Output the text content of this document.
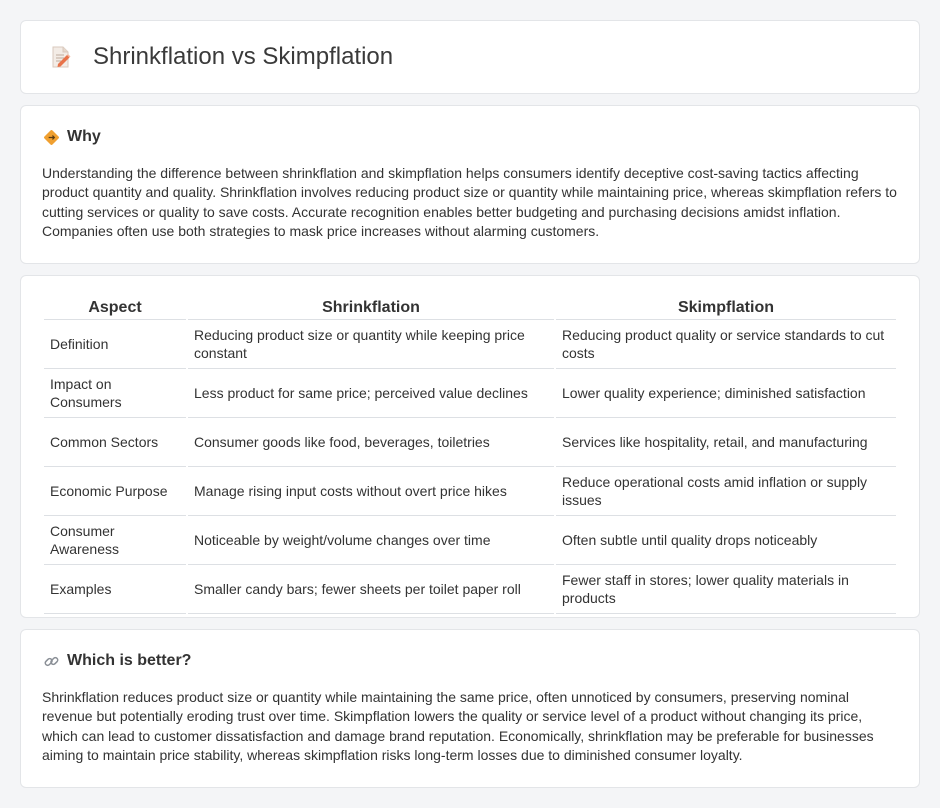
Shrinkflation vs Skimpflation
Why

Understanding the difference between shrinkflation and skimpflation helps consumers identify deceptive cost-saving tactics affecting product quantity and quality. Shrinkflation involves reducing product size or quantity while maintaining price, whereas skimpflation refers to cutting services or quality to save costs. Accurate recognition enables better budgeting and purchasing decisions amidst inflation. Companies often use both strategies to mask price increases without alarming customers.

Aspect	Shrinkflation	Skimpflation
Definition	Reducing product size or quantity while keeping price constant	Reducing product quality or service standards to cut costs
Impact on Consumers	Less product for same price; perceived value declines	Lower quality experience; diminished satisfaction
Common Sectors	Consumer goods like food, beverages, toiletries	Services like hospitality, retail, and manufacturing
Economic Purpose	Manage rising input costs without overt price hikes	Reduce operational costs amid inflation or supply issues
Consumer Awareness	Noticeable by weight/volume changes over time	Often subtle until quality drops noticeably
Examples	Smaller candy bars; fewer sheets per toilet paper roll	Fewer staff in stores; lower quality materials in products
Which is better?

Shrinkflation reduces product size or quantity while maintaining the same price, often unnoticed by consumers, preserving nominal revenue but potentially eroding trust over time. Skimpflation lowers the quality or service level of a product without changing its price, which can lead to customer dissatisfaction and damage brand reputation. Economically, shrinkflation may be preferable for businesses aiming to maintain price stability, whereas skimpflation risks long-term losses due to diminished consumer loyalty.
